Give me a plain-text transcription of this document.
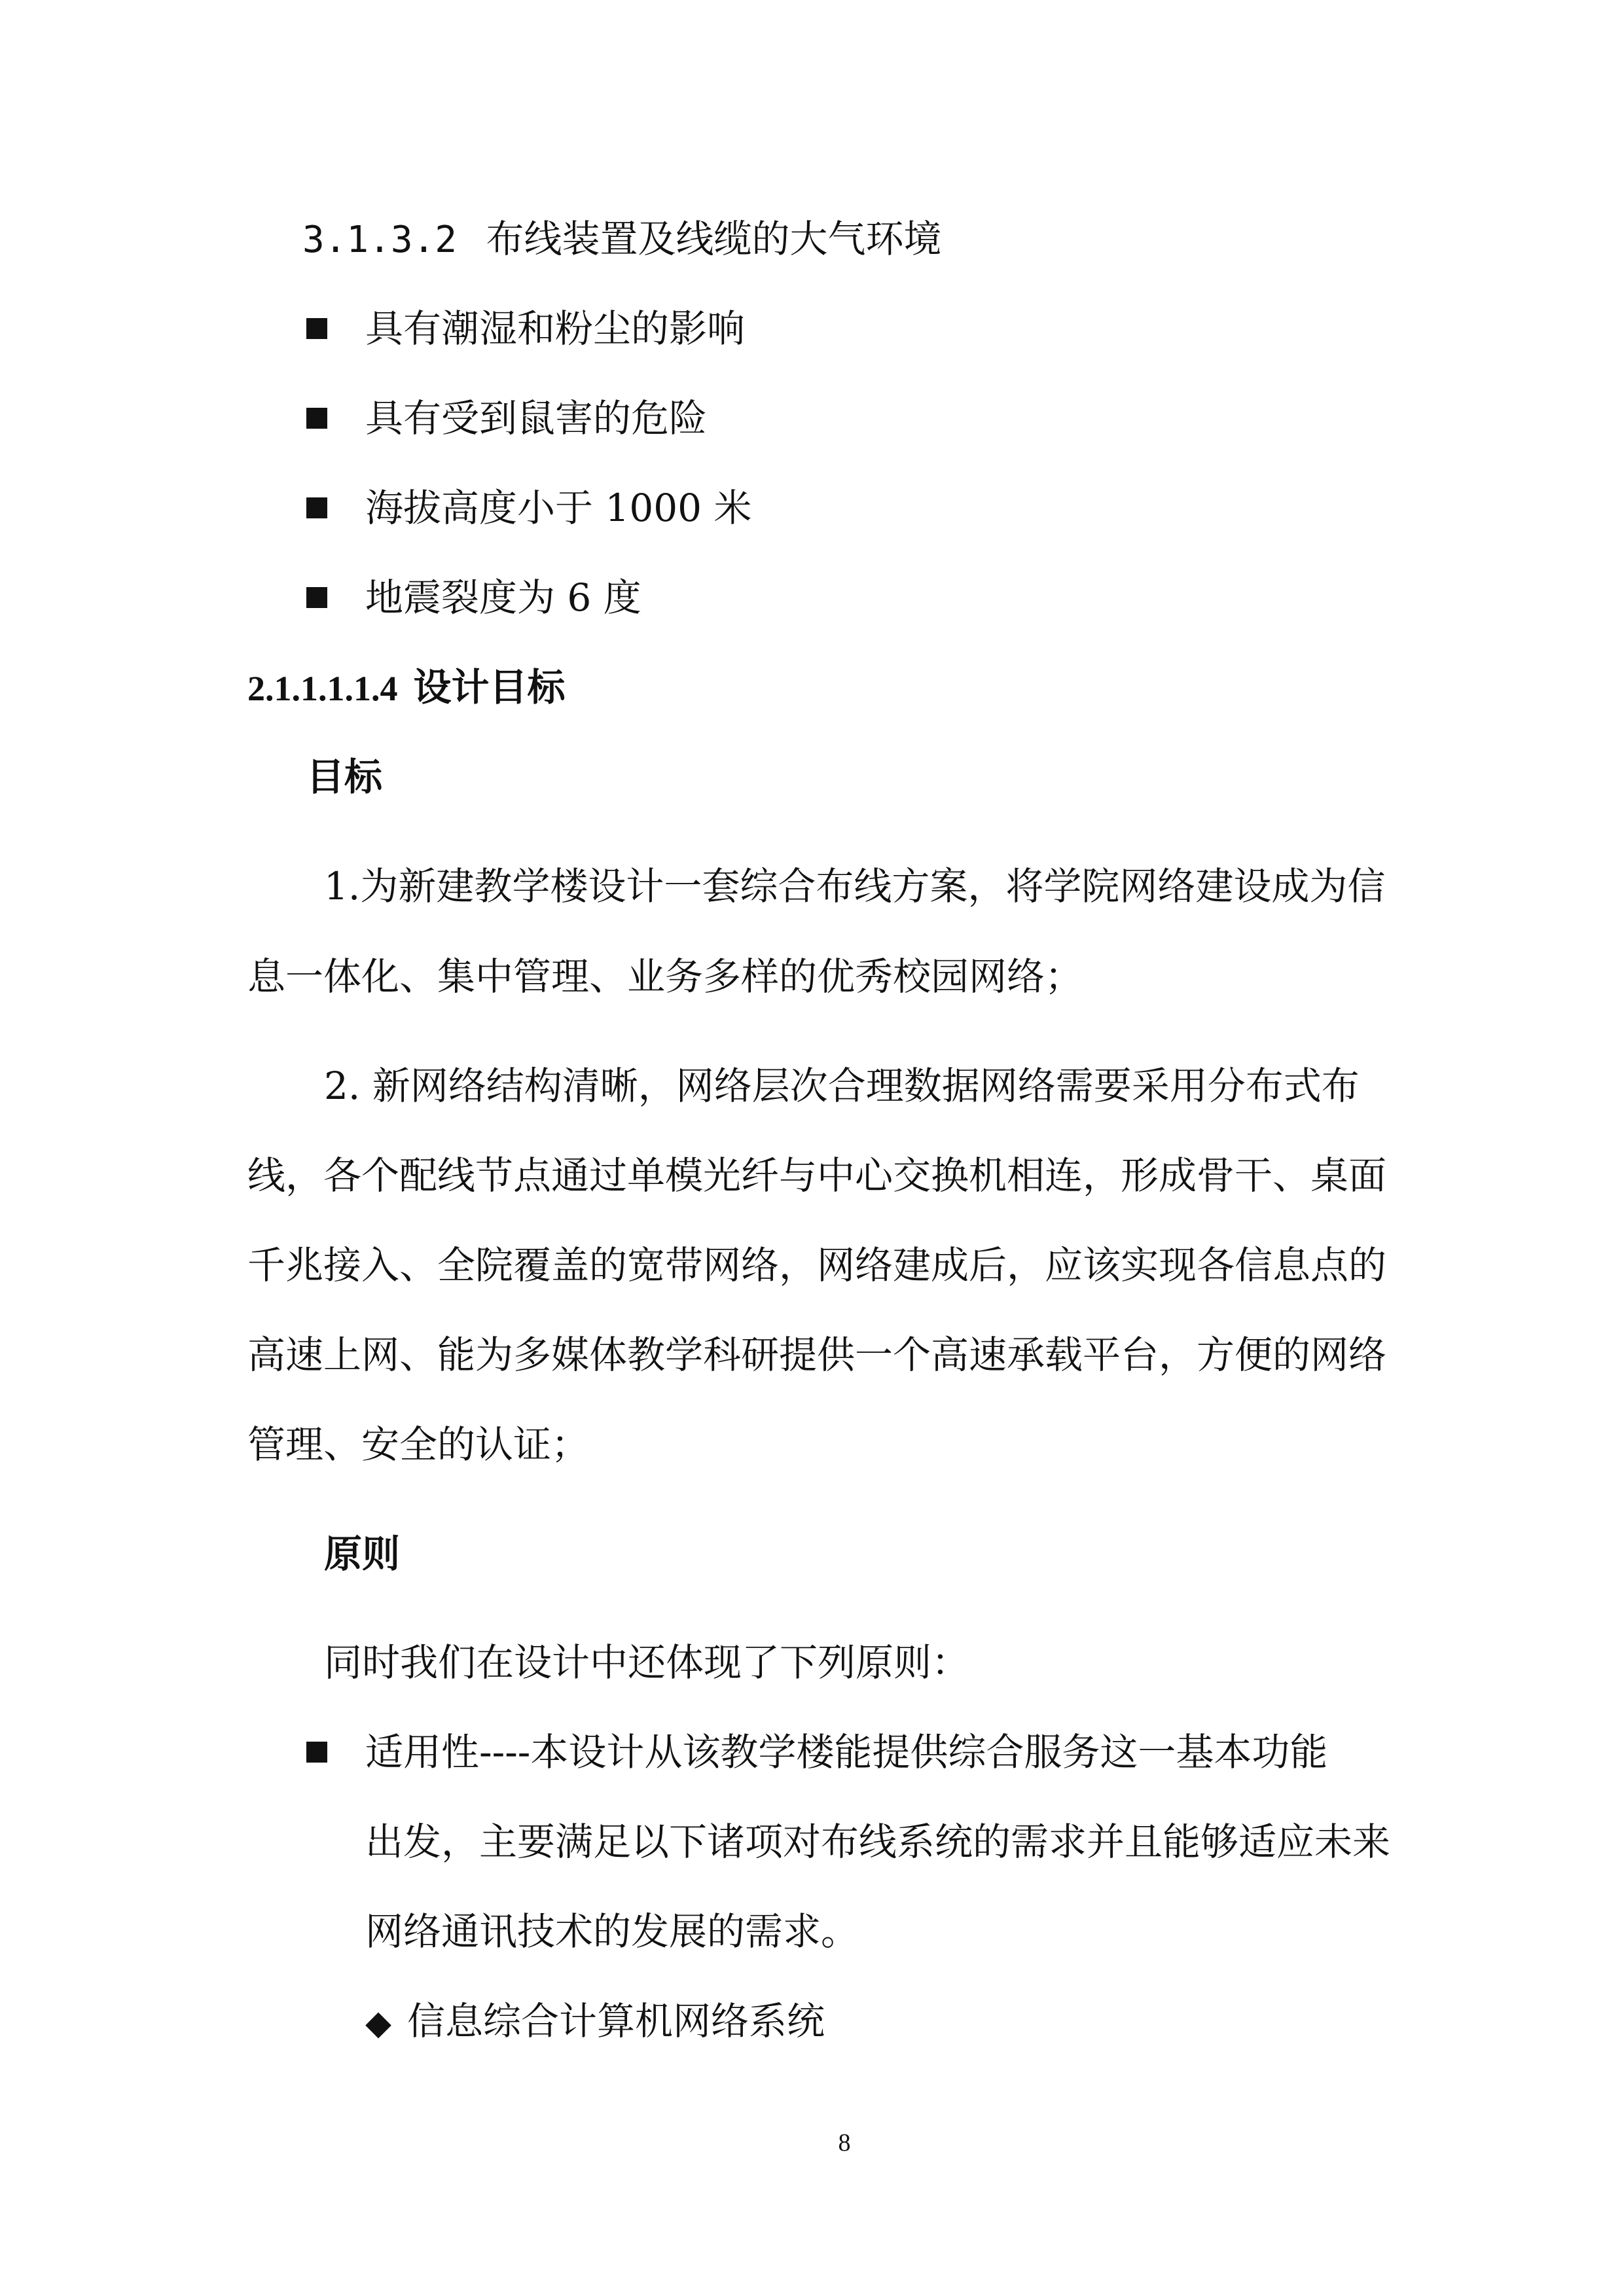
3.1.3.2 布线装置及线缆的大气环境
具有潮湿和粉尘的影响
具有受到鼠害的危险
海拔高度小于 1000 米
地震裂度为 6 度
2.1.1.1.1.4 设计目标
目标
1.为新建教学楼设计一套综合布线方案，将学院网络建设成为信
息一体化、集中管理、业务多样的优秀校园网络；
2. 新网络结构清晰，网络层次合理数据网络需要采用分布式布
线，各个配线节点通过单模光纤与中心交换机相连，形成骨干、桌面
千兆接入、全院覆盖的宽带网络，网络建成后，应该实现各信息点的
高速上网、能为多媒体教学科研提供一个高速承载平台，方便的网络
管理、安全的认证；
原则
同时我们在设计中还体现了下列原则：
适用性----本设计从该教学楼能提供综合服务这一基本功能
出发，主要满足以下诸项对布线系统的需求并且能够适应未来
网络通讯技术的发展的需求。
◆ 信息综合计算机网络系统
8
